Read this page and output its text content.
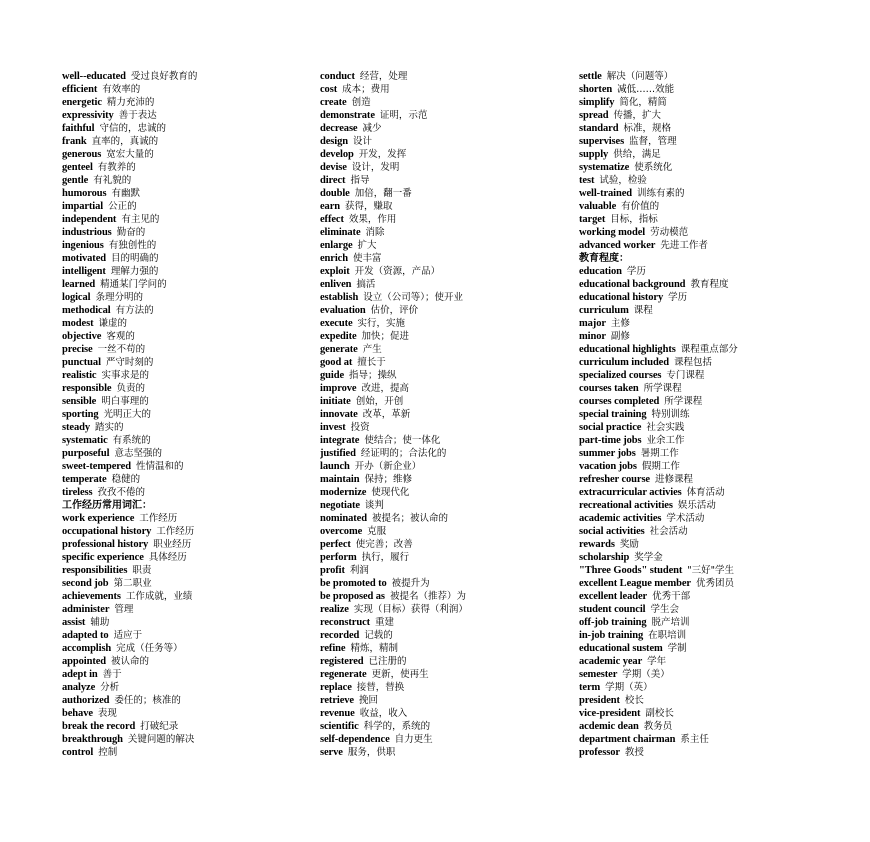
well--educated 受过良好教育的
efficient 有效率的
energetic 精力充沛的
expressivity 善于表达
faithful 守信的，忠诚的
frank 直率的，真诚的
generous 宽宏大量的
genteel 有教养的
gentle 有礼貌的
humorous 有幽默
impartial 公正的
independent 有主见的
industrious 勤奋的
ingenious 有独创性的
motivated 目的明确的
intelligent 理解力强的
learned 精通某门学问的
logical 条理分明的
methodical 有方法的
modest 谦虚的
objective 客观的
precise 一丝不苟的
punctual 严守时刻的
realistic 实事求是的
responsible 负责的
sensible 明白事理的
sporting 光明正大的
steady 踏实的
systematic 有系统的
purposeful 意志坚强的
sweet-tempered 性情温和的
temperate 稳健的
tireless 孜孜不倦的
工作经历常用词汇：
work experience 工作经历
occupational history 工作经历
professional history 职业经历
specific experience 具体经历
responsibilities 职责
second job 第二职业
achievements 工作成就，业绩
administer 管理
assist 辅助
adapted to 适应于
accomplish 完成（任务等）
appointed 被认命的
adept in 善于
analyze 分析
authorized 委任的；核准的
behave 表现
break the record 打破纪录
breakthrough 关键问题的解决
control 控制
conduct 经营，处理
cost 成本；费用
create 创造
demonstrate 证明，示范
decrease 减少
design 设计
develop 开发，发挥
devise 设计，发明
direct 指导
double 加倍，翻一番
earn 获得，赚取
effect 效果，作用
eliminate 消除
enlarge 扩大
enrich 使丰富
exploit 开发（资源，产品）
enliven 搞活
establish 设立（公司等）；使开业
evaluation 估价，评价
execute 实行，实施
expedite 加快；促进
generate 产生
good at 擅长于
guide 指导；操纵
improve 改进，提高
initiate 创始，开创
innovate 改革，革新
invest 投资
integrate 使结合；使一体化
justified 经证明的；合法化的
launch 开办（新企业）
maintain 保持；维修
modernize 使现代化
negotiate 谈判
nominated 被提名；被认命的
overcome 克服
perfect 使完善；改善
perform 执行，履行
profit 利润
be promoted to 被提升为
be proposed as 被提名（推荐）为
realize 实现（目标）获得（利润）
reconstruct 重建
recorded 记载的
refine 精炼，精制
registered 已注册的
regenerate 更新，使再生
replace 接替，替换
retrieve 挽回
revenue 收益，收入
scientific 科学的，系统的
self-dependence 自力更生
serve 服务，供职
settle 解决（问题等）
shorten 减低……效能
simplify 简化，精简
spread 传播，扩大
standard 标准，规格
supervises 监督，管理
supply 供给，满足
systematize 使系统化
test 试验，检验
well-trained 训练有素的
valuable 有价值的
target 目标，指标
working model 劳动模范
advanced worker 先进工作者
教育程度：
education 学历
educational background 教育程度
educational history 学历
curriculum 课程
major 主修
minor 副修
educational highlights 课程重点部分
curriculum included 课程包括
specialized courses 专门课程
courses taken 所学课程
courses completed 所学课程
special training 特别训练
social practice 社会实践
part-time jobs 业余工作
summer jobs 暑期工作
vacation jobs 假期工作
refresher course 进修课程
extracurricular activies 体育活动
recreational activities 娱乐活动
academic activities 学术活动
social activities 社会活动
rewards 奖励
scholarship 奖学金
"Three Goods" student "三好"学生
excellent League member 优秀团员
excellent leader 优秀干部
student council 学生会
off-job training 脱产培训
in-job training 在职培训
educational sustem 学制
academic year 学年
semester 学期（美）
term 学期（英）
president 校长
vice-president 副校长
acdemic dean 教务员
department chairman 系主任
professor 教授
